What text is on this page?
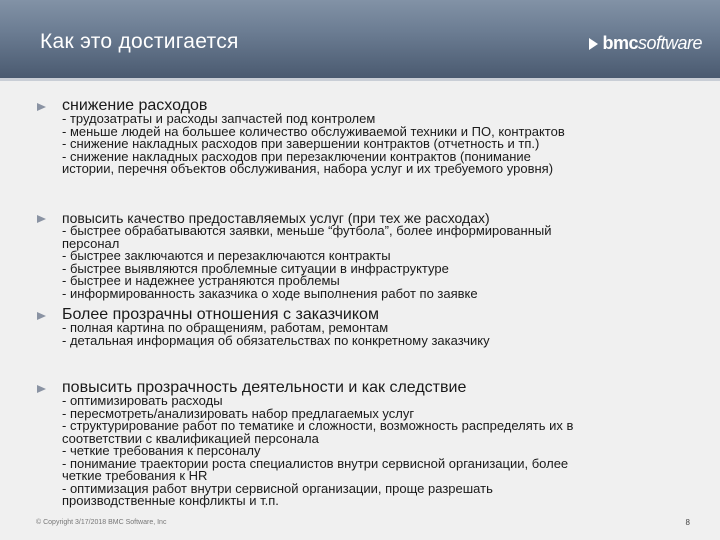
Как это достигается	bmc software
снижение расходов
- трудозатраты и расходы запчастей под контролем
- меньше людей на большее количество обслуживаемой техники и ПО, контрактов
- снижение накладных расходов при завершении контрактов (отчетность и тп.)
- снижение накладных расходов при перезаключении контрактов (понимание
истории, перечня объектов обслуживания, набора услуг и их требуемого уровня)
повысить качество предоставляемых услуг (при тех же расходах)
- быстрее обрабатываются заявки, меньше “футбола”, более информированный
персонал
- быстрее заключаются и перезаключаются контракты
- быстрее выявляются проблемные ситуации в инфраструктуре
- быстрее и надежнее устраняются проблемы
- информированность заказчика о ходе выполнения работ по заявке
Более прозрачны отношения с заказчиком
- полная картина по обращениям, работам, ремонтам
- детальная информация об обязательствах по конкретному заказчику
повысить прозрачность деятельности и как следствие
- оптимизировать расходы
- пересмотреть/анализировать набор предлагаемых услуг
- структурирование работ по тематике и сложности, возможность распределять их в
соответствии с квалификацией персонала
- четкие требования к персоналу
- понимание траектории роста специалистов внутри сервисной организации, более
четкие требования к HR
- оптимизация работ внутри сервисной организации, проще разрешать
производственные конфликты и т.п.
© Copyright 3/17/2018 BMC Software, Inc	8
